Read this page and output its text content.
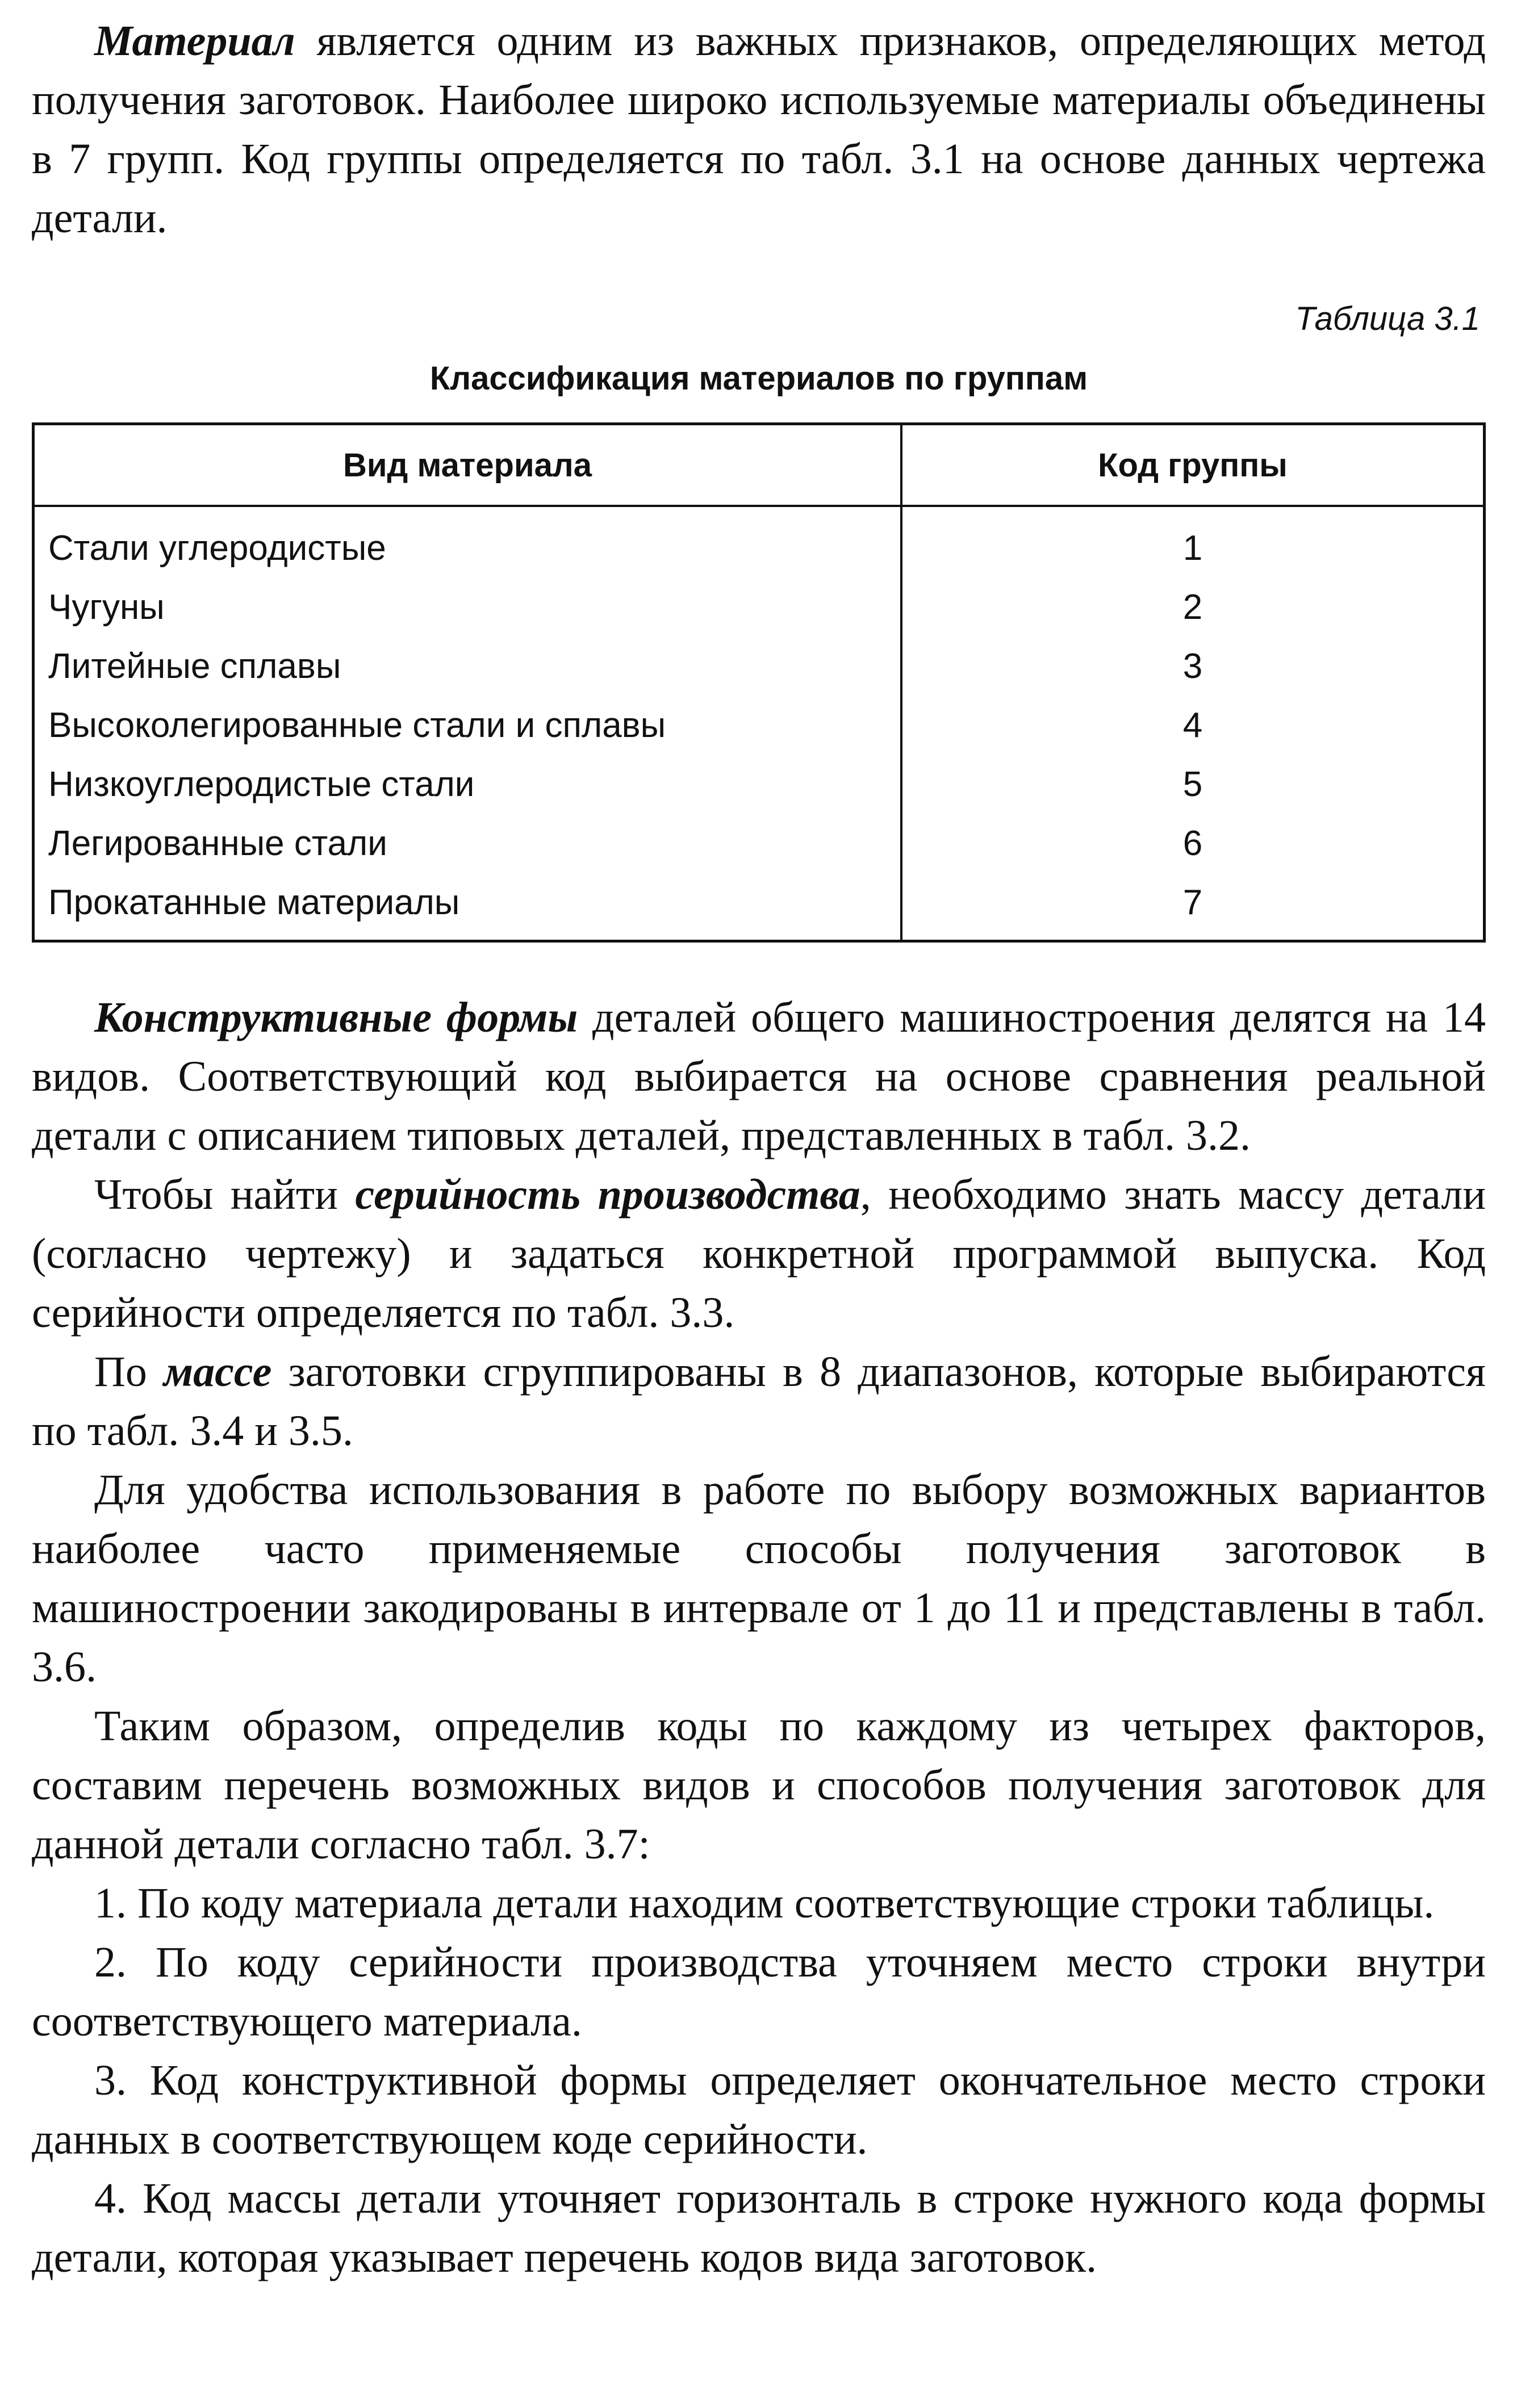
Материал является одним из важных признаков, определяющих метод получения заготовок. Наиболее широко используемые материалы объединены в 7 групп. Код группы определяется по табл. 3.1 на основе данных чертежа детали.

Таблица 3.1
Классификация материалов по группам
Вид материала	Код группы
Стали углеродистые	1
Чугуны	2
Литейные сплавы	3
Высоколегированные стали и сплавы	4
Низкоуглеродистые стали	5
Легированные стали	6
Прокатанные материалы	7

Конструктивные формы деталей общего машиностроения делятся на 14 видов. Соответствующий код выбирается на основе сравнения реальной детали с описанием типовых деталей, представленных в табл. 3.2.

Чтобы найти серийность производства, необходимо знать массу детали (согласно чертежу) и задаться конкретной программой выпуска. Код серийности определяется по табл. 3.3.

По массе заготовки сгруппированы в 8 диапазонов, которые выбираются по табл. 3.4 и 3.5.

Для удобства использования в работе по выбору возможных вариантов наиболее часто применяемые способы получения заготовок в машиностроении закодированы в интервале от 1 до 11 и представлены в табл. 3.6.

Таким образом, определив коды по каждому из четырех факторов, составим перечень возможных видов и способов получения заготовок для данной детали согласно табл. 3.7:

1. По коду материала детали находим соответствующие строки таблицы.

2. По коду серийности производства уточняем место строки внутри соответствующего материала.

3. Код конструктивной формы определяет окончательное место строки данных в соответствующем коде серийности.

4. Код массы детали уточняет горизонталь в строке нужного кода формы детали, которая указывает перечень кодов вида заготовок.
